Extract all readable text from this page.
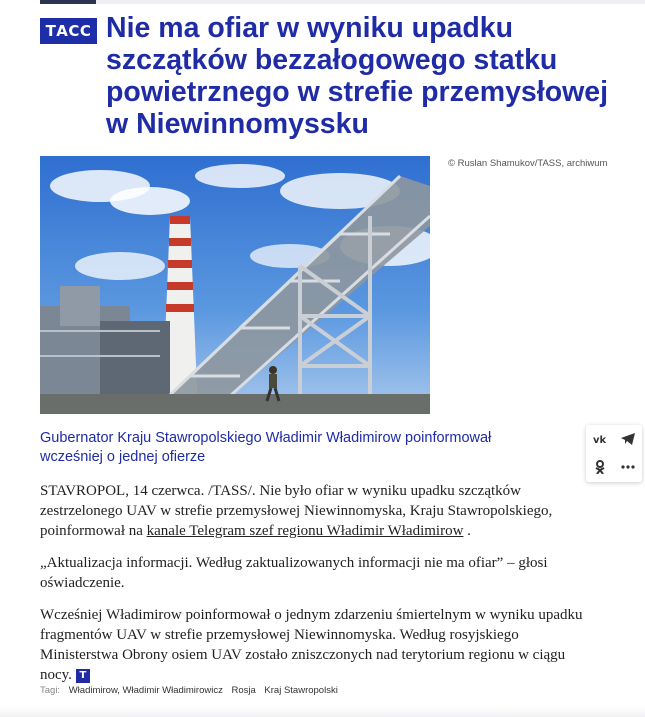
ТАСС Nie ma ofiar w wyniku upadku szczątków bezzałogowego statku powietrznego w strefie przemysłowej w Niewinnomyssku
© Ruslan Shamukov/TASS, archiwum

Gubernator Kraju Stawropolskiego Władimir Władimirow poinformował wcześniej o jednej ofierze

vk

STAVROPOL, 14 czerwca. /TASS/. Nie było ofiar w wyniku upadku szczątków zestrzelonego UAV w strefie przemysłowej Niewinnomyska, Kraju Stawropolskiego, poinformował na kanale Telegram szef regionu Władimir Władimirow .

„Aktualizacja informacji. Według zaktualizowanych informacji nie ma ofiar” – głosi oświadczenie.

Wcześniej Władimirow poinformował o jednym zdarzeniu śmiertelnym w wyniku upadku fragmentów UAV w strefie przemysłowej Niewinnomyska. Według rosyjskiego Ministerstwa Obrony osiem UAV zostało zniszczonych nad terytorium regionu w ciągu nocy. T

Tagi: Władimirow, Władimir Władimirowicz Rosja Kraj Stawropolski
